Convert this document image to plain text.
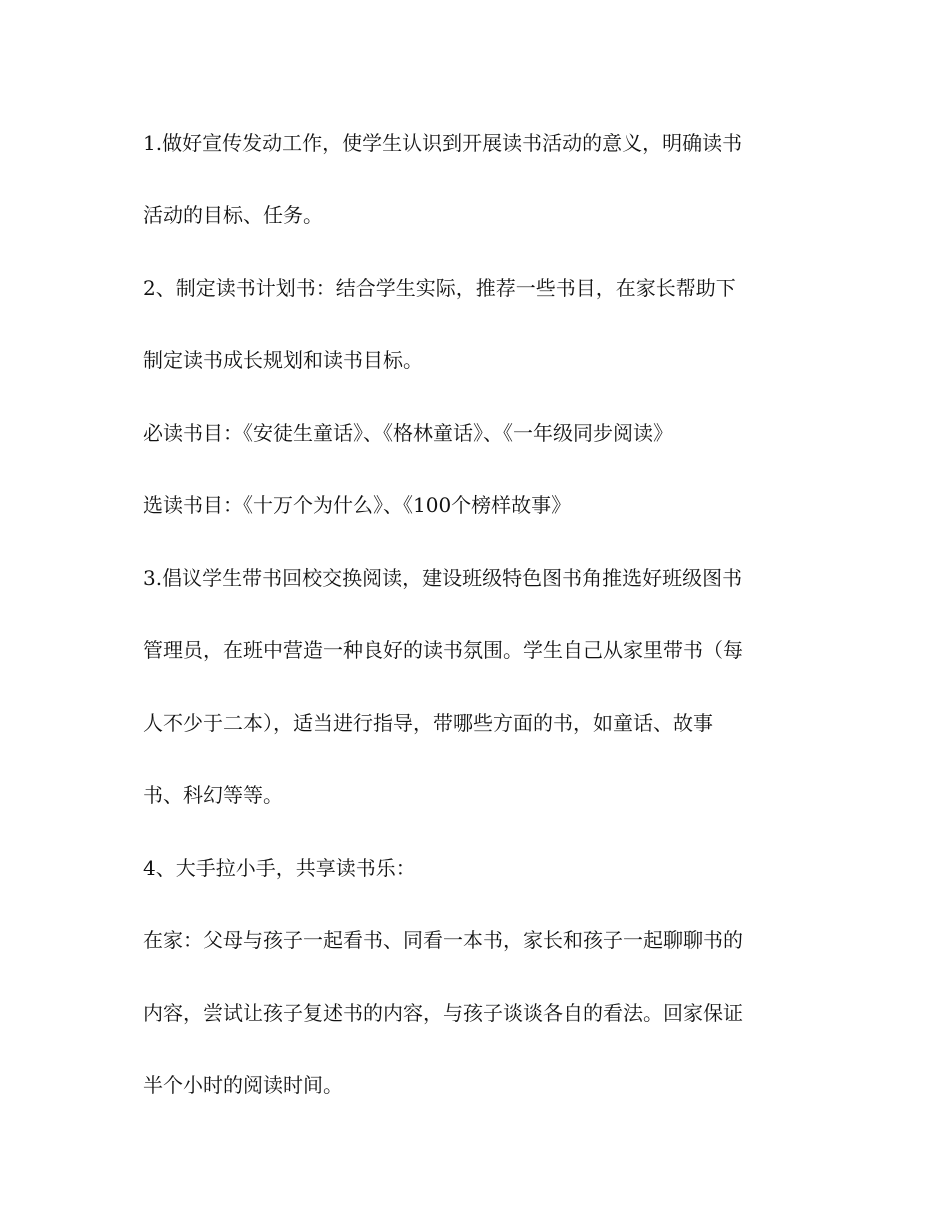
1.做好宣传发动工作，使学生认识到开展读书活动的意义，明确读书
活动的目标、任务。
2、制定读书计划书：结合学生实际，推荐一些书目，在家长帮助下
制定读书成长规划和读书目标。
必读书目：《安徒生童话》、《格林童话》、《一年级同步阅读》
选读书目：《十万个为什么》、《100个榜样故事》
3.倡议学生带书回校交换阅读，建设班级特色图书角推选好班级图书
管理员，在班中营造一种良好的读书氛围。学生自己从家里带书（每
人不少于二本），适当进行指导，带哪些方面的书，如童话、故事
书、科幻等等。
4、大手拉小手，共享读书乐：
在家：父母与孩子一起看书、同看一本书，家长和孩子一起聊聊书的
内容，尝试让孩子复述书的内容，与孩子谈谈各自的看法。回家保证
半个小时的阅读时间。
